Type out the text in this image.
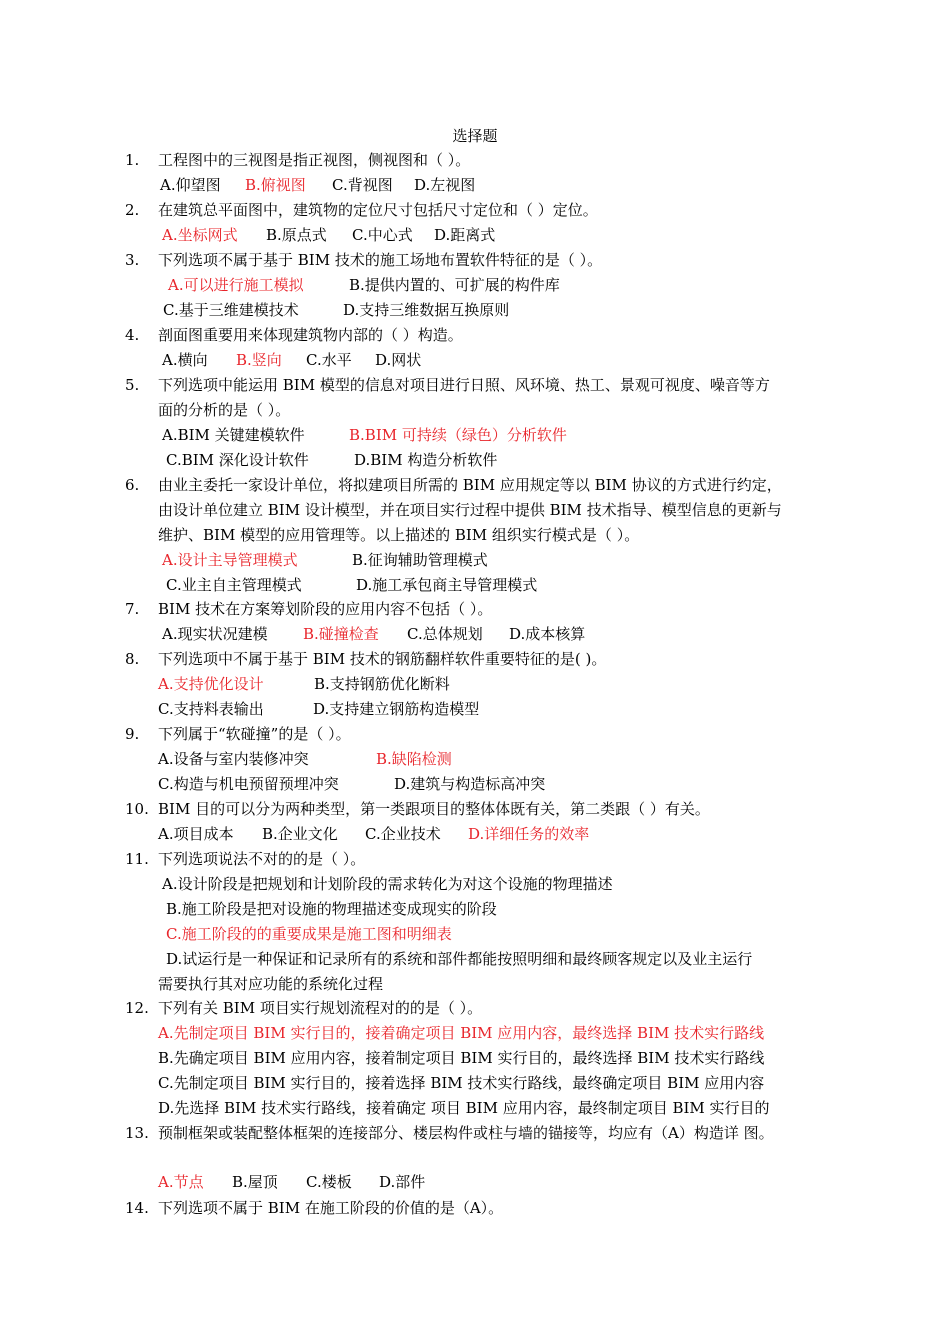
选择题
1. 工程图中的三视图是指正视图，侧视图和（ ）。
A.仰望图 B.俯视图 C.背视图 D.左视图
2. 在建筑总平面图中，建筑物的定位尺寸包括尺寸定位和（ ）定位。
A.坐标网式 B.原点式 C.中心式 D.距离式
3. 下列选项不属于基于 BIM 技术的施工场地布置软件特征的是（ ）。
A.可以进行施工模拟	B.提供内置的、可扩展的构件库
C.基于三维建模技术	D.支持三维数据互换原则
4. 剖面图重要用来体现建筑物内部的（ ）构造。
A.横向 B.竖向 C.水平 D.网状
5. 下列选项中能运用 BIM 模型的信息对项目进行日照、风环境、热工、景观可视度、噪音等方
面的分析的是（ ）。
A.BIM 关键建模软件	B.BIM 可持续（绿色）分析软件
C.BIM 深化设计软件	D.BIM 构造分析软件
6. 由业主委托一家设计单位，将拟建项目所需的 BIM 应用规定等以 BIM 协议的方式进行约定，
由设计单位建立 BIM 设计模型，并在项目实行过程中提供 BIM 技术指导、模型信息的更新与
维护、BIM 模型的应用管理等。以上描述的 BIM 组织实行模式是（ ）。
A.设计主导管理模式	B.征询辅助管理模式
C.业主自主管理模式	D.施工承包商主导管理模式
7. BIM 技术在方案筹划阶段的应用内容不包括（ ）。
A.现实状况建模 B.碰撞检查 C.总体规划 D.成本核算
8. 下列选项中不属于基于 BIM 技术的钢筋翻样软件重要特征的是( )。
A.支持优化设计	B.支持钢筋优化断料
C.支持料表输出	D.支持建立钢筋构造模型
9. 下列属于“软碰撞”的是（ ）。
A.设备与室内装修冲突	B.缺陷检测
C.构造与机电预留预埋冲突	D.建筑与构造标高冲突
10. BIM 目的可以分为两种类型，第一类跟项目的整体体既有关，第二类跟（ ）有关。
A.项目成本 B.企业文化 C.企业技术 D.详细任务的效率
11. 下列选项说法不对的的是（ ）。
A.设计阶段是把规划和计划阶段的需求转化为对这个设施的物理描述
B.施工阶段是把对设施的物理描述变成现实的阶段
C.施工阶段的的重要成果是施工图和明细表
D.试运行是一种保证和记录所有的系统和部件都能按照明细和最终顾客规定以及业主运行
需要执行其对应功能的系统化过程
12. 下列有关 BIM 项目实行规划流程对的的是（ ）。
A.先制定项目 BIM 实行目的，接着确定项目 BIM 应用内容，最终选择 BIM 技术实行路线
B.先确定项目 BIM 应用内容，接着制定项目 BIM 实行目的，最终选择 BIM 技术实行路线
C.先制定项目 BIM 实行目的，接着选择 BIM 技术实行路线，最终确定项目 BIM 应用内容
D.先选择 BIM 技术实行路线，接着确定 项目 BIM 应用内容，最终制定项目 BIM 实行目的
13. 预制框架或装配整体框架的连接部分、楼层构件或柱与墙的锚接等，均应有（A）构造详 图。
A.节点 B.屋顶 C.楼板 D.部件
14. 下列选项不属于 BIM 在施工阶段的价值的是（A）。
